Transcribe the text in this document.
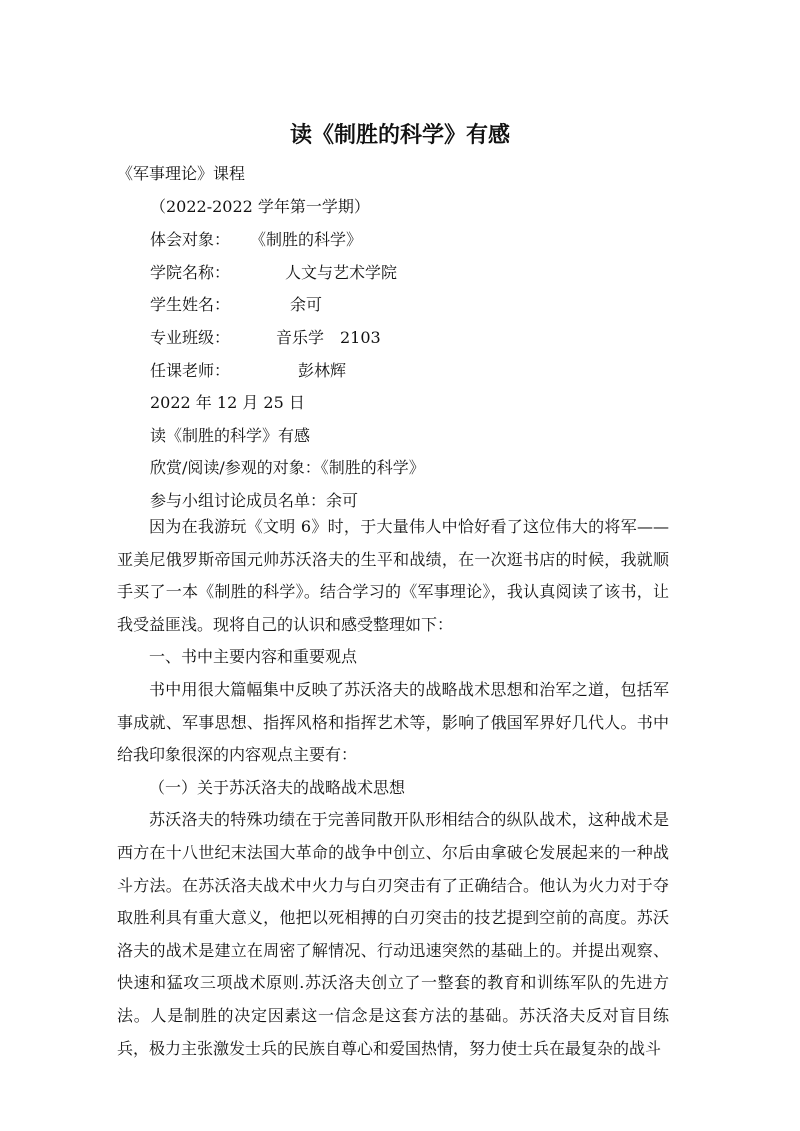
读《制胜的科学》有感
《军事理论》课程
（2022-2022 学年第一学期）
体会对象： 《制胜的科学》
学院名称：	人文与艺术学院
学生姓名：	余可
专业班级：	音乐学　2103
任课老师：	彭林辉
2022 年 12 月 25 日
读《制胜的科学》有感
欣赏/阅读/参观的对象：《制胜的科学》
参与小组讨论成员名单：余可

因为在我游玩《文明 6》时，于大量伟人中恰好看了这位伟大的将军——亚美尼俄罗斯帝国元帅苏沃洛夫的生平和战绩，在一次逛书店的时候，我就顺手买了一本《制胜的科学》。结合学习的《军事理论》，我认真阅读了该书，让我受益匪浅。现将自己的认识和感受整理如下：

一、书中主要内容和重要观点

书中用很大篇幅集中反映了苏沃洛夫的战略战术思想和治军之道，包括军事成就、军事思想、指挥风格和指挥艺术等，影响了俄国军界好几代人。书中给我印象很深的内容观点主要有：

（一）关于苏沃洛夫的战略战术思想

苏沃洛夫的特殊功绩在于完善同散开队形相结合的纵队战术，这种战术是西方在十八世纪末法国大革命的战争中创立、尔后由拿破仑发展起来的一种战斗方法。在苏沃洛夫战术中火力与白刃突击有了正确结合。他认为火力对于夺取胜利具有重大意义，他把以死相搏的白刃突击的技艺提到空前的高度。苏沃洛夫的战术是建立在周密了解情况、行动迅速突然的基础上的。并提出观察、快速和猛攻三项战术原则.苏沃洛夫创立了一整套的教育和训练军队的先进方法。人是制胜的决定因素这一信念是这套方法的基础。苏沃洛夫反对盲目练兵，极力主张激发士兵的民族自尊心和爱国热情，努力使士兵在最复杂的战斗
